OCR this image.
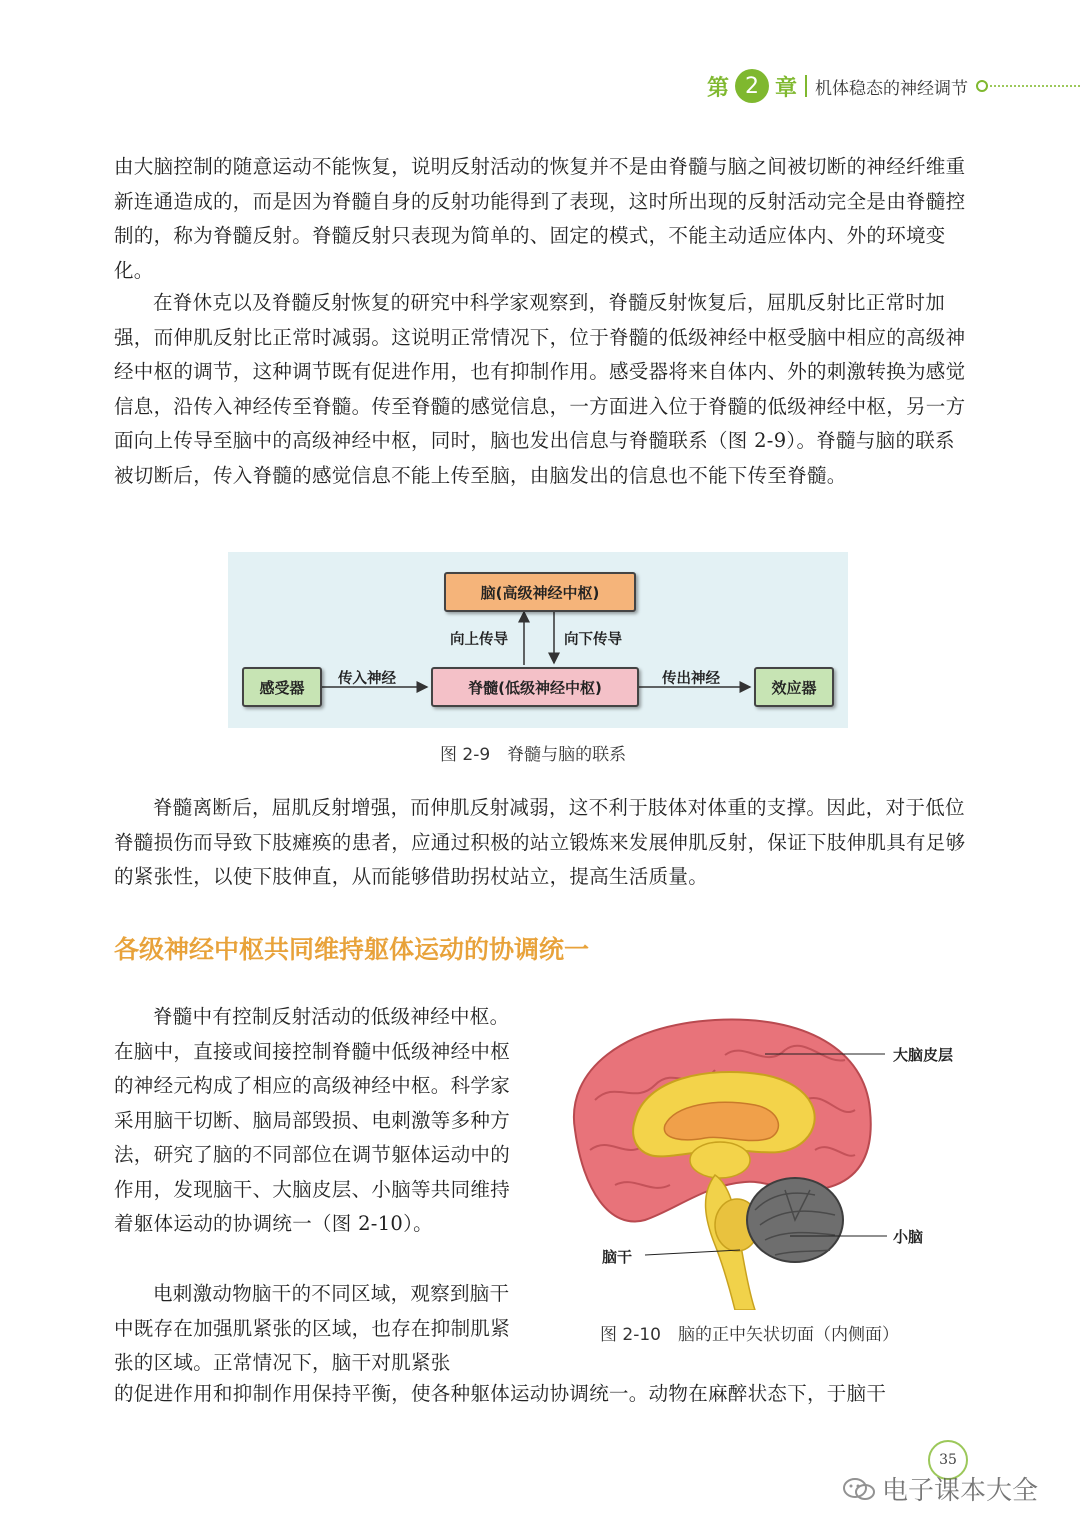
第 2 章 机体稳态的神经调节
由大脑控制的随意运动不能恢复，说明反射活动的恢复并不是由脊髓与脑之间被切断的神经纤维重新连通造成的，而是因为脊髓自身的反射功能得到了表现，这时所出现的反射活动完全是由脊髓控制的，称为脊髓反射。脊髓反射只表现为简单的、固定的模式，不能主动适应体内、外的环境变化。
在脊休克以及脊髓反射恢复的研究中科学家观察到，脊髓反射恢复后，屈肌反射比正常时加强，而伸肌反射比正常时减弱。这说明正常情况下，位于脊髓的低级神经中枢受脑中相应的高级神经中枢的调节，这种调节既有促进作用，也有抑制作用。感受器将来自体内、外的刺激转换为感觉信息，沿传入神经传至脊髓。传至脊髓的感觉信息，一方面进入位于脊髓的低级神经中枢，另一方面向上传导至脑中的高级神经中枢，同时，脑也发出信息与脊髓联系（图 2-9）。脊髓与脑的联系被切断后，传入脊髓的感觉信息不能上传至脑，由脑发出的信息也不能下传至脊髓。
脑(高级神经中枢)
脊髓(低级神经中枢)
感受器	效应器
向上传导	向下传导
传入神经	传出神经
图 2-9　脊髓与脑的联系
脊髓离断后，屈肌反射增强，而伸肌反射减弱，这不利于肢体对体重的支撑。因此，对于低位脊髓损伤而导致下肢瘫痪的患者，应通过积极的站立锻炼来发展伸肌反射，保证下肢伸肌具有足够的紧张性，以使下肢伸直，从而能够借助拐杖站立，提高生活质量。
各级神经中枢共同维持躯体运动的协调统一
脊髓中有控制反射活动的低级神经中枢。在脑中，直接或间接控制脊髓中低级神经中枢的神经元构成了相应的高级神经中枢。科学家采用脑干切断、脑局部毁损、电刺激等多种方法，研究了脑的不同部位在调节躯体运动中的作用，发现脑干、大脑皮层、小脑等共同维持着躯体运动的协调统一（图 2-10）。
电刺激动物脑干的不同区域，观察到脑干中既存在加强肌紧张的区域，也存在抑制肌紧张的区域。正常情况下，脑干对肌紧张
的促进作用和抑制作用保持平衡，使各种躯体运动协调统一。动物在麻醉状态下，于脑干
大脑皮层
小脑
脑干
图 2-10　脑的正中矢状切面（内侧面）
35
电子课本大全
